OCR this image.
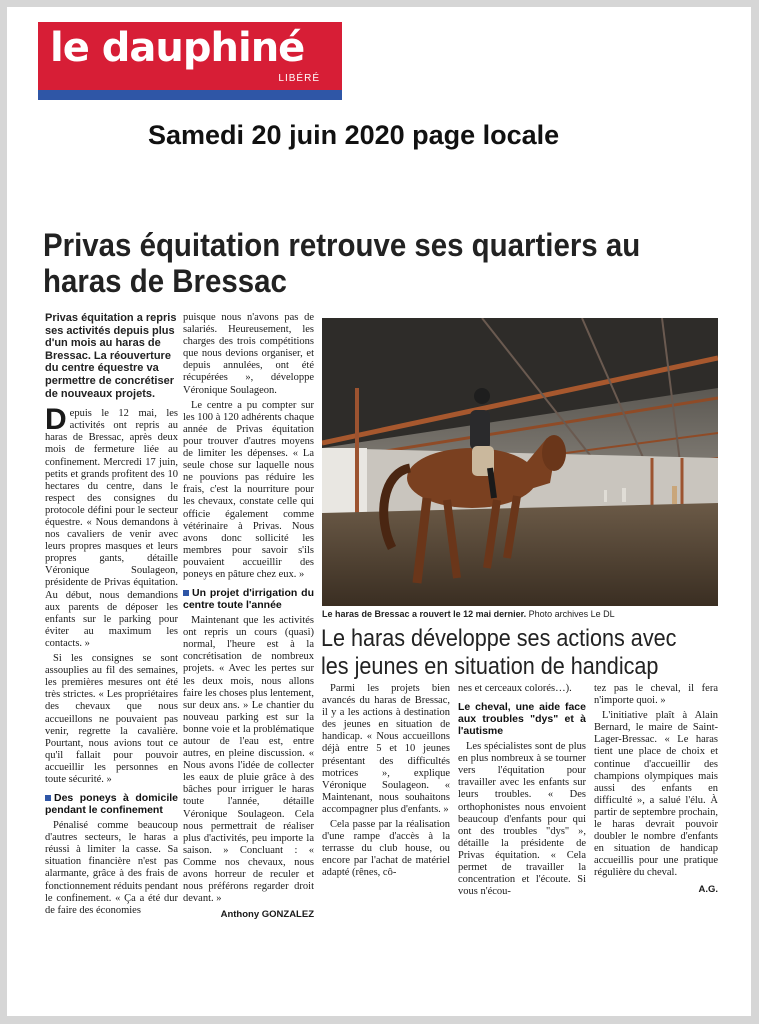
le dauphiné
LIBÉRÉ
Samedi 20 juin 2020 page locale
Privas équitation retrouve ses quartiers au haras de Bressac
Privas équitation a repris ses activités depuis plus d'un mois au haras de Bressac. La réouverture du centre équestre va permettre de concrétiser de nouveaux projets.

Depuis le 12 mai, les activités ont repris au haras de Bressac, après deux mois de fermeture liée au confinement. Mercredi 17 juin, petits et grands profitent des 10 hectares du centre, dans le respect des consignes du protocole défini pour le secteur équestre. « Nous demandons à nos cavaliers de venir avec leurs propres masques et leurs propres gants, détaille Véronique Soulageon, présidente de Privas équitation. Au début, nous demandions aux parents de déposer les enfants sur le parking pour éviter au maximum les contacts. »

Si les consignes se sont assouplies au fil des semaines, les premières mesures ont été très strictes. « Les propriétaires des chevaux que nous accueillons ne pouvaient pas venir, regrette la cavalière. Pourtant, nous avions tout ce qu'il fallait pour pouvoir accueillir les personnes en toute sécurité. »

Des poneys à domicile pendant le confinement

Pénalisé comme beaucoup d'autres secteurs, le haras a réussi à limiter la casse. Sa situation financière n'est pas alarmante, grâce à des frais de fonctionnement réduits pendant le confinement. « Ça a été dur de faire des économies

puisque nous n'avons pas de salariés. Heureusement, les charges des trois compétitions que nous devions organiser, et depuis annulées, ont été récupérées », développe Véronique Soulageon.

Le centre a pu compter sur les 100 à 120 adhérents chaque année de Privas équitation pour trouver d'autres moyens de limiter les dépenses. « La seule chose sur laquelle nous ne pouvions pas réduire les frais, c'est la nourriture pour les chevaux, constate celle qui officie également comme vétérinaire à Privas. Nous avons donc sollicité les membres pour savoir s'ils pouvaient accueillir des poneys en pâture chez eux. »

Un projet d'irrigation du centre toute l'année

Maintenant que les activités ont repris un cours (quasi) normal, l'heure est à la concrétisation de nombreux projets. « Avec les pertes sur les deux mois, nous allons faire les choses plus lentement, sur deux ans. » Le chantier du nouveau parking est sur la bonne voie et la problématique autour de l'eau est, entre autres, en pleine discussion. « Nous avons l'idée de collecter les eaux de pluie grâce à des bâches pour irriguer le haras toute l'année, détaille Véronique Soulageon. Cela nous permettrait de réaliser plus d'activités, peu importe la saison. » Concluant : « Comme nos chevaux, nous avons horreur de reculer et nous préférons regarder droit devant. »

Anthony GONZALEZ
Le haras de Bressac a rouvert le 12 mai dernier. Photo archives Le DL
Le haras développe ses actions avec les jeunes en situation de handicap

Parmi les projets bien avancés du haras de Bressac, il y a les actions à destination des jeunes en situation de handicap. « Nous accueillons déjà entre 5 et 10 jeunes présentant des difficultés motrices », explique Véronique Soulageon. « Maintenant, nous souhaitons accompagner plus d'enfants. »

Cela passe par la réalisation d'une rampe d'accès à la terrasse du club house, ou encore par l'achat de matériel adapté (rênes, cô-

nes et cerceaux colorés…).

Le cheval, une aide face aux troubles "dys" et à l'autisme

Les spécialistes sont de plus en plus nombreux à se tourner vers l'équitation pour travailler avec les enfants sur leurs troubles. « Des orthophonistes nous envoient beaucoup d'enfants pour qui ont des troubles "dys" », détaille la présidente de Privas équitation. « Cela permet de travailler la concentration et l'écoute. Si vous n'écou-

tez pas le cheval, il fera n'importe quoi. »

L'initiative plaît à Alain Bernard, le maire de Saint-Lager-Bressac. « Le haras tient une place de choix et continue d'accueillir des champions olympiques mais aussi des enfants en difficulté », a salué l'élu. À partir de septembre prochain, le haras devrait pouvoir doubler le nombre d'enfants en situation de handicap accueillis pour une pratique régulière du cheval.

A.G.
